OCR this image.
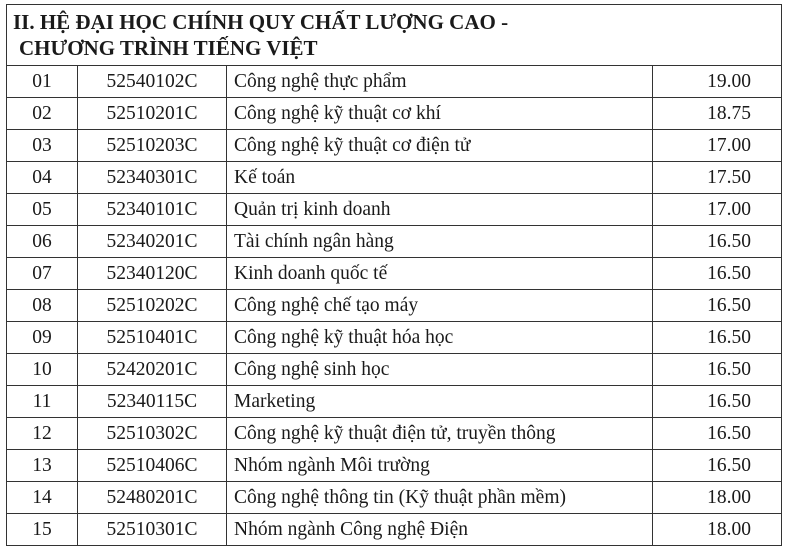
II. HỆ ĐẠI HỌC CHÍNH QUY CHẤT LƯỢNG CAO -
CHƯƠNG TRÌNH TIẾNG VIỆT			

01	52540102C	Công nghệ thực phẩm	19.00
02	52510201C	Công nghệ kỹ thuật cơ khí	18.75
03	52510203C	Công nghệ kỹ thuật cơ điện tử	17.00
04	52340301C	Kế toán	17.50
05	52340101C	Quản trị kinh doanh	17.00
06	52340201C	Tài chính ngân hàng	16.50
07	52340120C	Kinh doanh quốc tế	16.50
08	52510202C	Công nghệ chế tạo máy	16.50
09	52510401C	Công nghệ kỹ thuật hóa học	16.50
10	52420201C	Công nghệ sinh học	16.50
11	52340115C	Marketing	16.50
12	52510302C	Công nghệ kỹ thuật điện tử, truyền thông	16.50
13	52510406C	Nhóm ngành Môi trường	16.50
14	52480201C	Công nghệ thông tin (Kỹ thuật phần mềm)	18.00
15	52510301C	Nhóm ngành Công nghệ Điện	18.00
